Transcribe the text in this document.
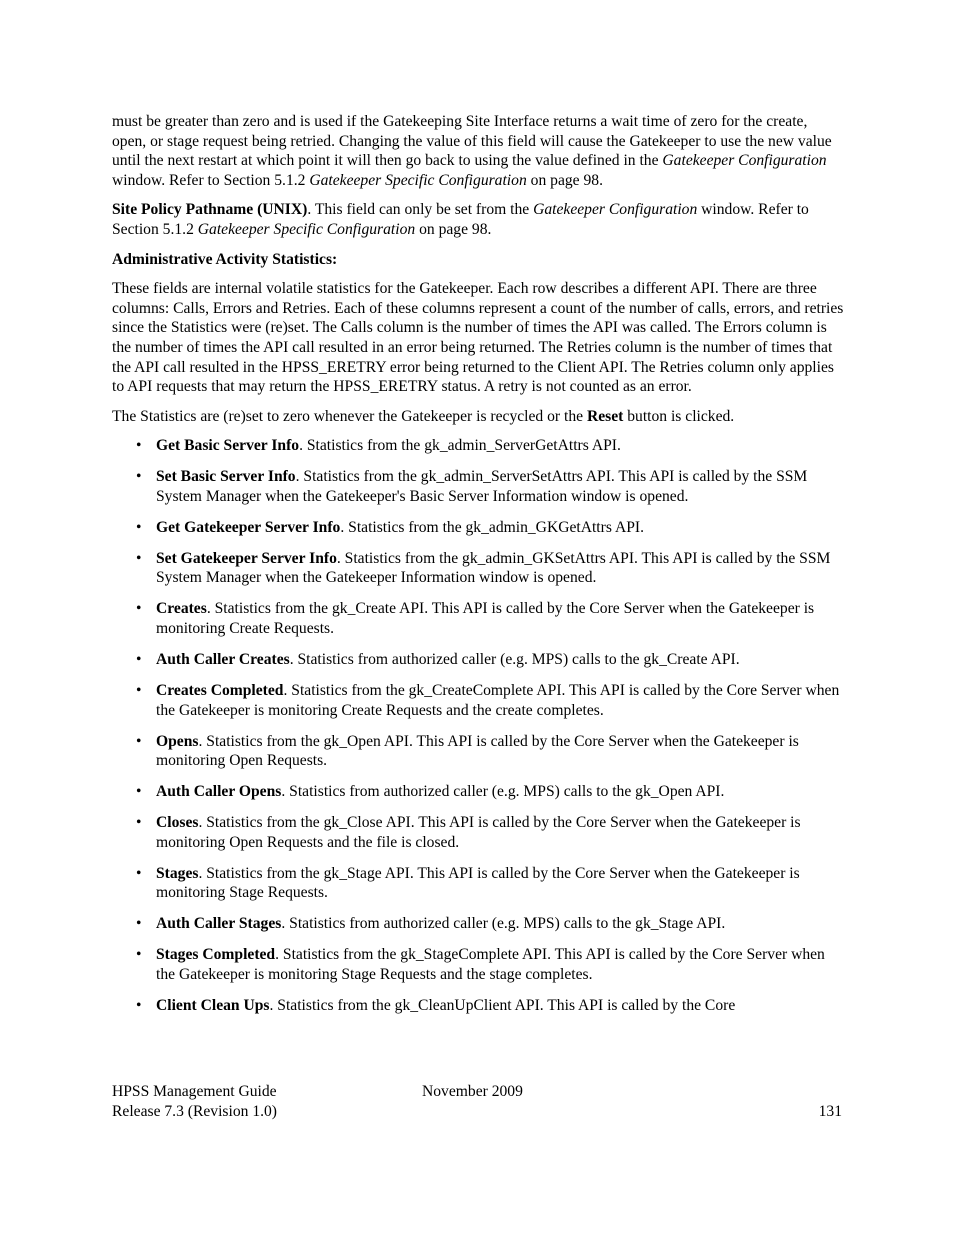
must be greater than zero and is used if the Gatekeeping Site Interface returns a wait time of zero for the create, open, or stage request being retried. Changing the value of this field will cause the Gatekeeper to use the new value until the next restart at which point it will then go back to using the value defined in the Gatekeeper Configuration window. Refer to Section 5.1.2 Gatekeeper Specific Configuration on page 98.

Site Policy Pathname (UNIX). This field can only be set from the Gatekeeper Configuration window. Refer to Section 5.1.2 Gatekeeper Specific Configuration on page 98.

Administrative Activity Statistics:

These fields are internal volatile statistics for the Gatekeeper. Each row describes a different API. There are three columns: Calls, Errors and Retries. Each of these columns represent a count of the number of calls, errors, and retries since the Statistics were (re)set. The Calls column is the number of times the API was called. The Errors column is the number of times the API call resulted in an error being returned. The Retries column is the number of times that the API call resulted in the HPSS_ERETRY error being returned to the Client API. The Retries column only applies to API requests that may return the HPSS_ERETRY status. A retry is not counted as an error.

The Statistics are (re)set to zero whenever the Gatekeeper is recycled or the Reset button is clicked.

• Get Basic Server Info. Statistics from the gk_admin_ServerGetAttrs API.
• Set Basic Server Info. Statistics from the gk_admin_ServerSetAttrs API. This API is called by the SSM System Manager when the Gatekeeper's Basic Server Information window is opened.
• Get Gatekeeper Server Info. Statistics from the gk_admin_GKGetAttrs API.
• Set Gatekeeper Server Info. Statistics from the gk_admin_GKSetAttrs API. This API is called by the SSM System Manager when the Gatekeeper Information window is opened.
• Creates. Statistics from the gk_Create API. This API is called by the Core Server when the Gatekeeper is monitoring Create Requests.
• Auth Caller Creates. Statistics from authorized caller (e.g. MPS) calls to the gk_Create API.
• Creates Completed. Statistics from the gk_CreateComplete API. This API is called by the Core Server when the Gatekeeper is monitoring Create Requests and the create completes.
• Opens. Statistics from the gk_Open API. This API is called by the Core Server when the Gatekeeper is monitoring Open Requests.
• Auth Caller Opens. Statistics from authorized caller (e.g. MPS) calls to the gk_Open API.
• Closes. Statistics from the gk_Close API. This API is called by the Core Server when the Gatekeeper is monitoring Open Requests and the file is closed.
• Stages. Statistics from the gk_Stage API. This API is called by the Core Server when the Gatekeeper is monitoring Stage Requests.
• Auth Caller Stages. Statistics from authorized caller (e.g. MPS) calls to the gk_Stage API.
• Stages Completed. Statistics from the gk_StageComplete API. This API is called by the Core Server when the Gatekeeper is monitoring Stage Requests and the stage completes.
• Client Clean Ups. Statistics from the gk_CleanUpClient API. This API is called by the Core
HPSS Management Guide	November 2009
Release 7.3 (Revision 1.0)	131
